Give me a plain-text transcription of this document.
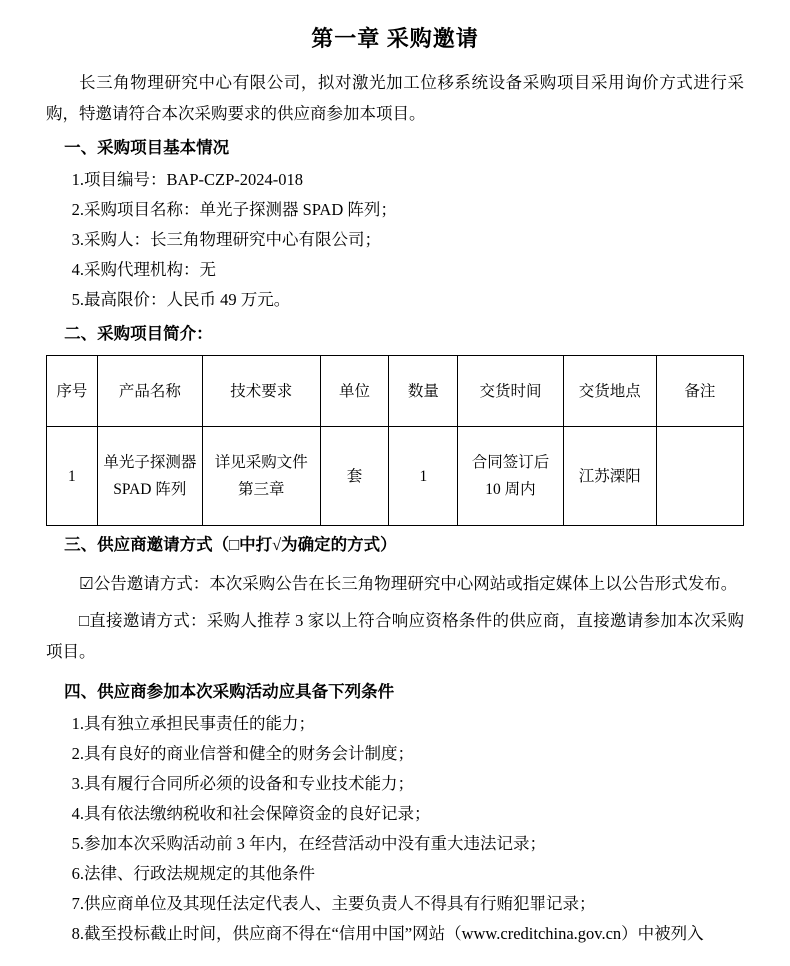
第一章 采购邀请

长三角物理研究中心有限公司，拟对激光加工位移系统设备采购项目采用询价方式进行采购，特邀请符合本次采购要求的供应商参加本项目。

一、采购项目基本情况

1.项目编号：BAP-CZP-2024-018

2.采购项目名称：单光子探测器 SPAD 阵列；

3.采购人：长三角物理研究中心有限公司；

4.采购代理机构：无

5.最高限价：人民币 49 万元。

二、采购项目简介：
序号	产品名称	技术要求	单位	数量	交货时间	交货地点	备注
1	单光子探测器 SPAD 阵列	详见采购文件第三章	套	1	合同签订后 10 周内	江苏溧阳	
三、供应商邀请方式（□中打√为确定的方式）

☑公告邀请方式：本次采购公告在长三角物理研究中心网站或指定媒体上以公告形式发布。

□直接邀请方式：采购人推荐 3 家以上符合响应资格条件的供应商，直接邀请参加本次采购项目。

四、供应商参加本次采购活动应具备下列条件

1.具有独立承担民事责任的能力；

2.具有良好的商业信誉和健全的财务会计制度；

3.具有履行合同所必须的设备和专业技术能力；

4.具有依法缴纳税收和社会保障资金的良好记录；

5.参加本次采购活动前 3 年内，在经营活动中没有重大违法记录；

6.法律、行政法规规定的其他条件

7.供应商单位及其现任法定代表人、主要负责人不得具有行贿犯罪记录；

8.截至投标截止时间，供应商不得在“信用中国”网站（www.creditchina.gov.cn）中被列入
